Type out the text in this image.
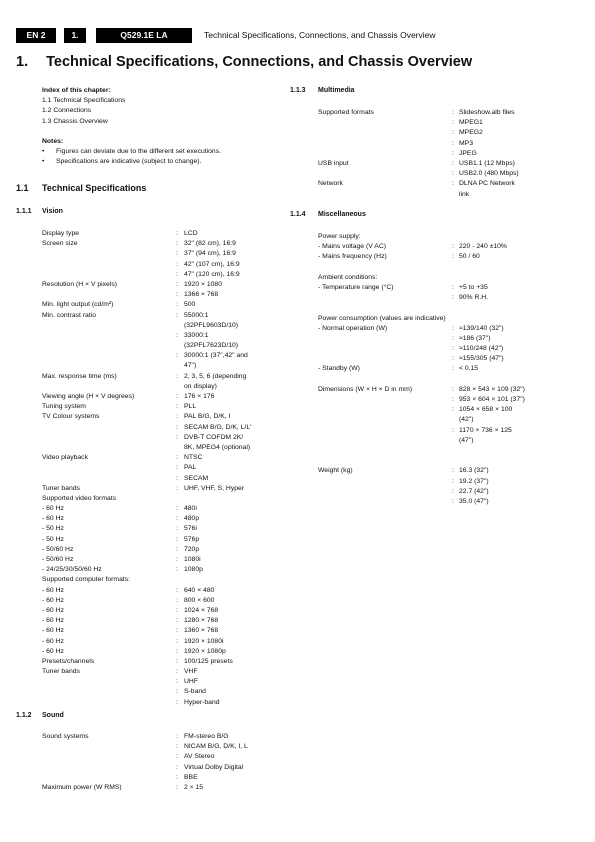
EN 2	1.	Q529.1E LA	Technical Specifications, Connections, and Chassis Overview
1. Technical Specifications, Connections, and Chassis Overview
Index of this chapter:
1.1 Technical Specifications
1.2 Connections
1.3 Chassis Overview
Notes:
• Figures can deviate due to the different set executions.
• Specifications are indicative (subject to change).
1.1 Technical Specifications
1.1.1 Vision
Display type	: LCD
Screen size	: 32" (82 cm), 16:9
: 37" (94 cm), 16:9
: 42" (107 cm), 16:9
: 47" (120 cm), 16:9
Resolution (H × V pixels)	: 1920 × 1080
: 1366 × 768
Min. light output (cd/m²)	: 500
Min. contrast ratio	: 55000:1
(32PFL9603D/10)
: 33000:1
(32PFL7623D/10)
: 30000:1 (37",42" and
47")
Max. response time (ms)	: 2, 3, 5, 6 (depending
on display)
Viewing angle (H × V degrees)	: 176 × 176
Tuning system	: PLL
TV Colour systems	: PAL B/G, D/K, I
: SECAM B/G, D/K, L/L'
: DVB-T COFDM 2K/
8K, MPEG4 (optional)
Video playback	: NTSC
: PAL
: SECAM
Tuner bands	: UHF, VHF, S, Hyper
Supported video formats
- 60 Hz	: 480i
- 60 Hz	: 480p
- 50 Hz	: 576i
- 50 Hz	: 576p
- 50/60 Hz	: 720p
- 50/60 Hz	: 1080i
- 24/25/30/50/60 Hz	: 1080p
Supported computer formats:
- 60 Hz	: 640 × 480
- 60 Hz	: 800 × 600
- 60 Hz	: 1024 × 768
- 60 Hz	: 1280 × 768
- 60 Hz	: 1360 × 768
- 60 Hz	: 1920 × 1080i
- 60 Hz	: 1920 × 1080p
Presets/channels	: 100/125 presets
Tuner bands	: VHF
: UHF
: S-band
: Hyper-band
1.1.2 Sound
Sound systems	: FM-stereo B/G
: NICAM B/G, D/K, I, L
: AV Stereo
: Virtual Dolby Digital
: BBE
Maximum power (W RMS)	: 2 × 15
1.1.3 Multimedia
Supported formats	: Slideshow.alb files
: MPEG1
: MPEG2
: MP3
: JPEG
USB input	: USB1.1 (12 Mbps)
: USB2.0 (480 Mbps)
Network	: DLNA PC Network
link
1.1.4 Miscellaneous
Power supply:
- Mains voltage (V AC)	: 220 - 240 ±10%
- Mains frequency (Hz)	: 50 / 60
Ambient conditions:
- Temperature range (°C)	: +5 to +35
: 90% R.H.
Power consumption (values are indicative)
- Normal operation (W)	: ≈139/140 (32")
: ≈186 (37")
: ≈110/248 (42")
: ≈155/305 (47")
- Standby (W)	: < 0.15
Dimensions (W × H × D in mm)	: 828 × 543 × 109 (32")
: 953 × 604 × 101 (37")
: 1054 × 658 × 100
(42")
: 1170 × 736 × 125
(47")
Weight (kg)	: 16.3 (32")
: 19.2 (37")
: 22.7 (42")
: 35.0 (47")
